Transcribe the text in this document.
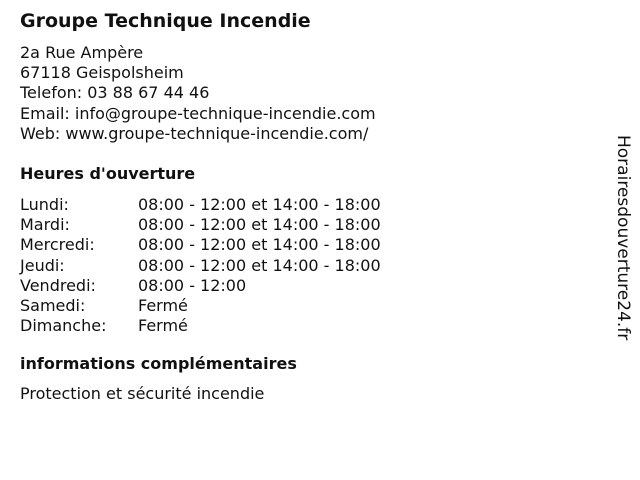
Groupe Technique Incendie
2a Rue Ampère
67118 Geispolsheim
Telefon: 03 88 67 44 46
Email: info@groupe-technique-incendie.com
Web: www.groupe-technique-incendie.com/
Heures d'ouverture
Lundi:	08:00 - 12:00 et 14:00 - 18:00
Mardi:	08:00 - 12:00 et 14:00 - 18:00
Mercredi:	08:00 - 12:00 et 14:00 - 18:00
Jeudi:	08:00 - 12:00 et 14:00 - 18:00
Vendredi:	08:00 - 12:00
Samedi:	Fermé
Dimanche:	Fermé
informations complémentaires
Protection et sécurité incendie
Horairesdouverture24.fr
